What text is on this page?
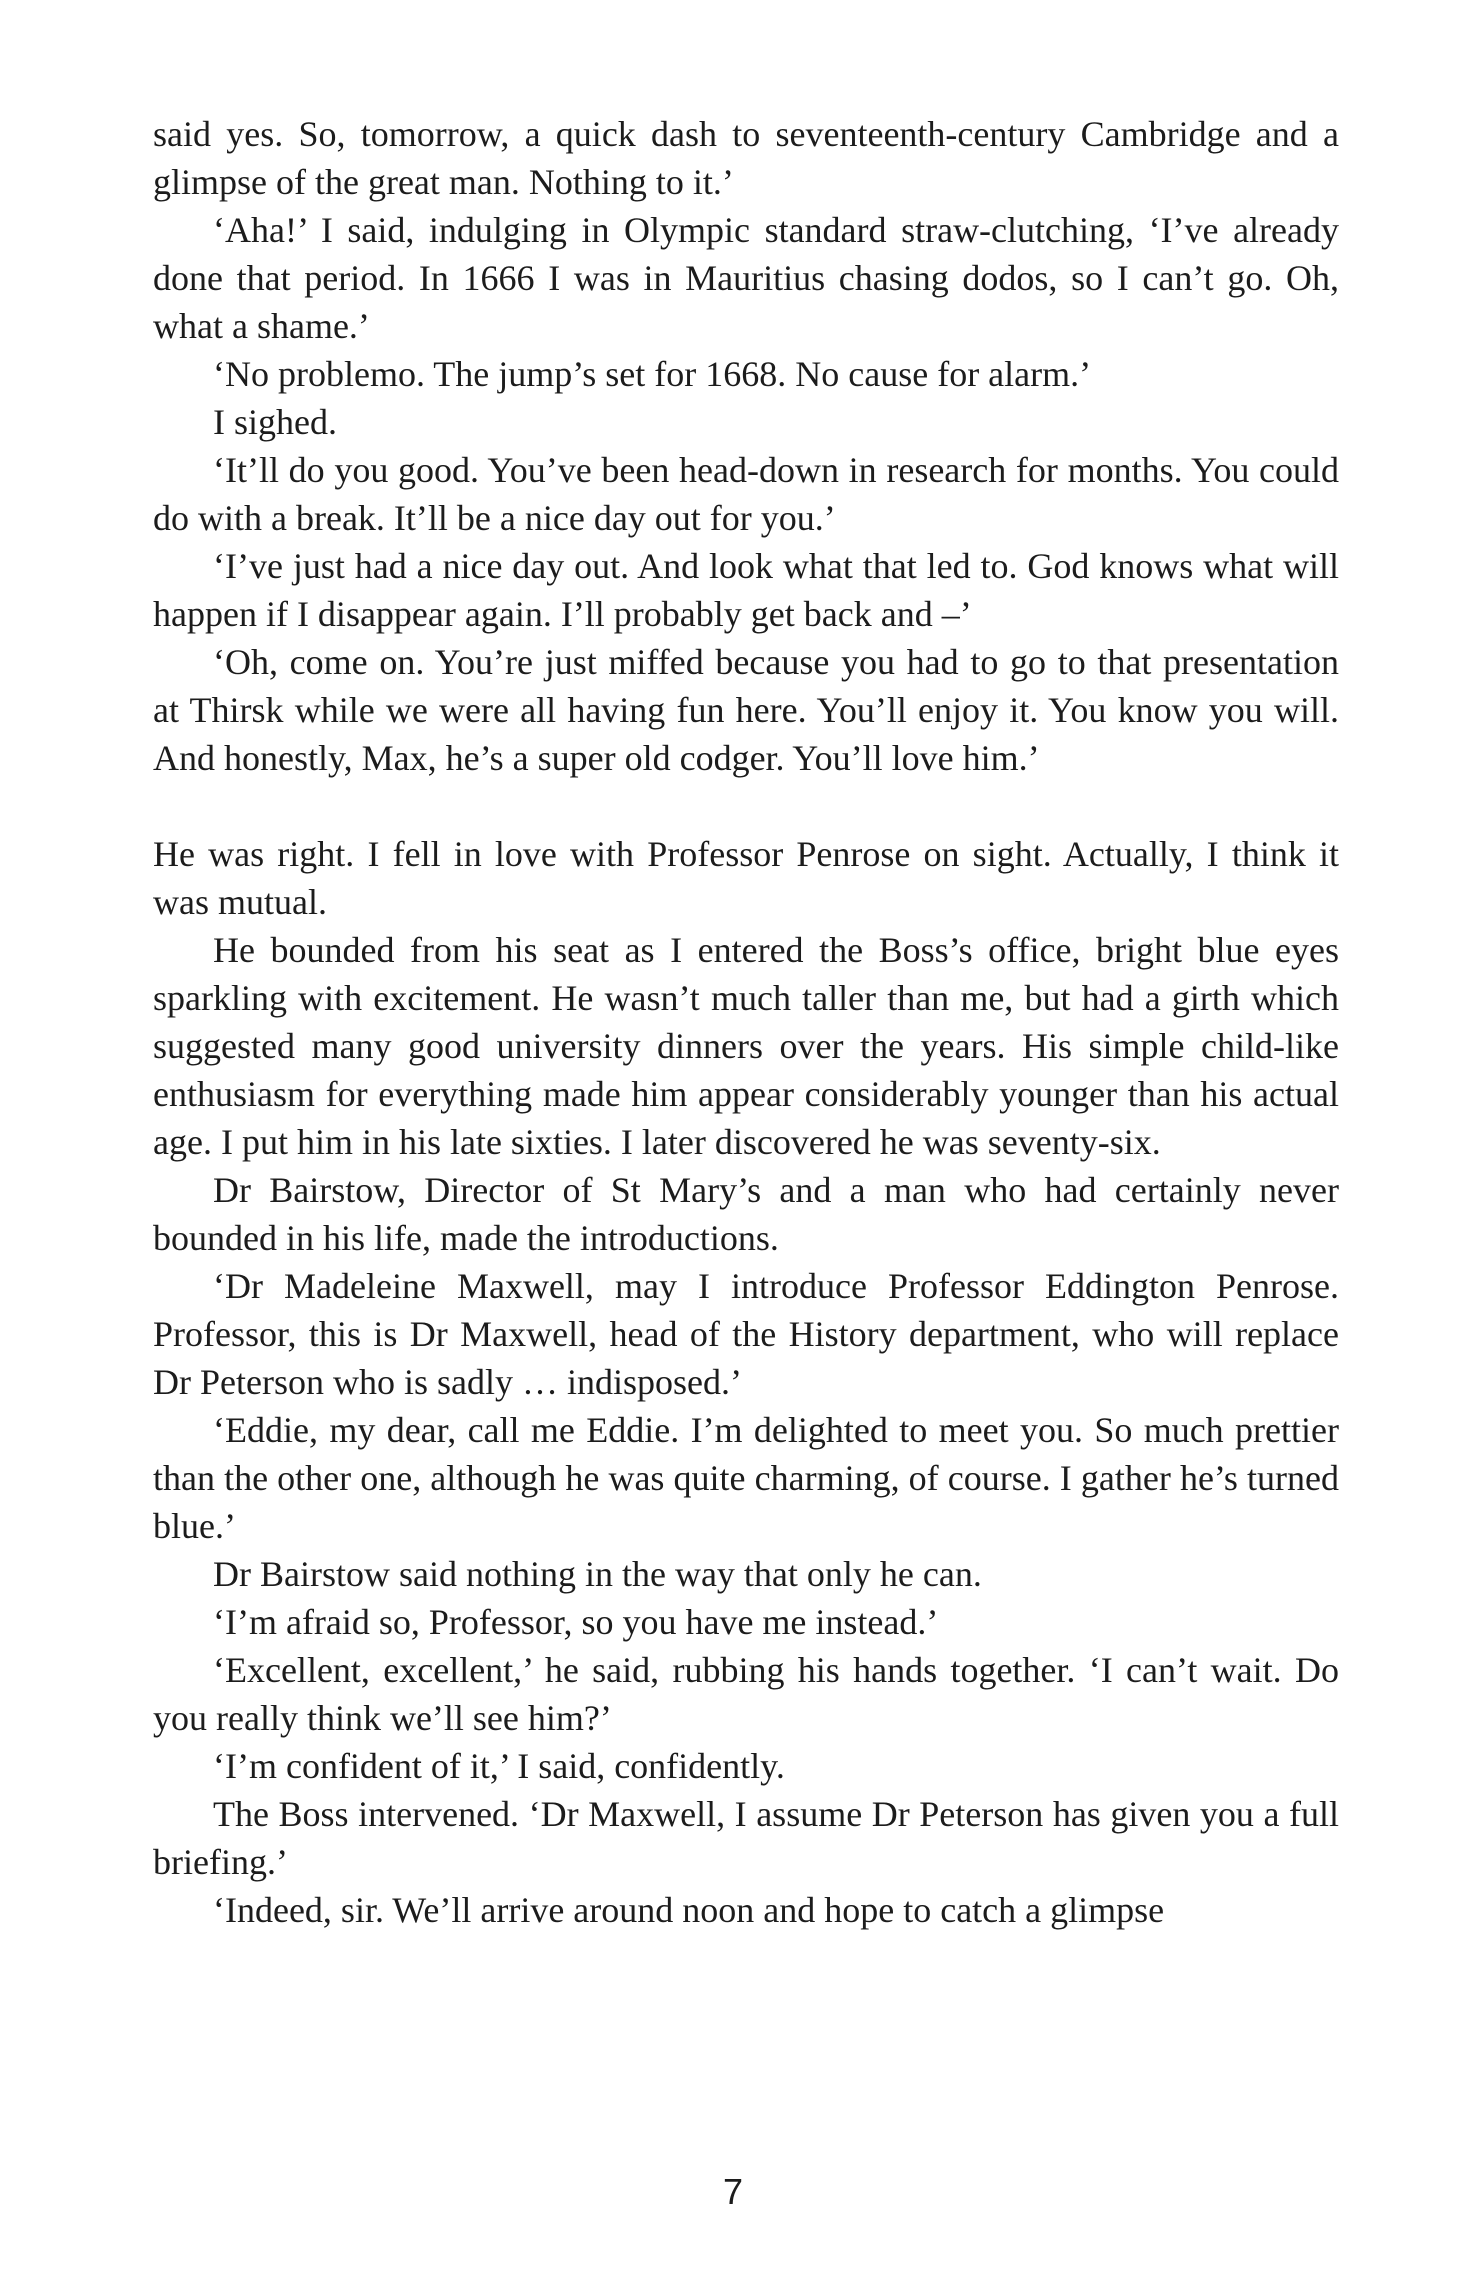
said yes. So, tomorrow, a quick dash to seventeenth-century Cambridge and a glimpse of the great man. Nothing to it.’

‘Aha!’ I said, indulging in Olympic standard straw-clutching, ‘I’ve already done that period. In 1666 I was in Mauritius chasing dodos, so I can’t go. Oh, what a shame.’

‘No problemo. The jump’s set for 1668. No cause for alarm.’

I sighed.

‘It’ll do you good. You’ve been head-down in research for months. You could do with a break. It’ll be a nice day out for you.’

‘I’ve just had a nice day out. And look what that led to. God knows what will happen if I disappear again. I’ll probably get back and –’

‘Oh, come on. You’re just miffed because you had to go to that presentation at Thirsk while we were all having fun here. You’ll enjoy it. You know you will. And honestly, Max, he’s a super old codger. You’ll love him.’

He was right. I fell in love with Professor Penrose on sight. Actually, I think it was mutual.

He bounded from his seat as I entered the Boss’s office, bright blue eyes sparkling with excitement. He wasn’t much taller than me, but had a girth which suggested many good university dinners over the years. His simple child-like enthusiasm for everything made him appear considerably younger than his actual age. I put him in his late sixties. I later discovered he was seventy-six.

Dr Bairstow, Director of St Mary’s and a man who had certainly never bounded in his life, made the introductions.

‘Dr Madeleine Maxwell, may I introduce Professor Eddington Penrose. Professor, this is Dr Maxwell, head of the History department, who will replace Dr Peterson who is sadly … indisposed.’

‘Eddie, my dear, call me Eddie. I’m delighted to meet you. So much prettier than the other one, although he was quite charming, of course. I gather he’s turned blue.’

Dr Bairstow said nothing in the way that only he can.

‘I’m afraid so, Professor, so you have me instead.’

‘Excellent, excellent,’ he said, rubbing his hands together. ‘I can’t wait. Do you really think we’ll see him?’

‘I’m confident of it,’ I said, confidently.

The Boss intervened. ‘Dr Maxwell, I assume Dr Peterson has given you a full briefing.’

‘Indeed, sir. We’ll arrive around noon and hope to catch a glimpse

7
